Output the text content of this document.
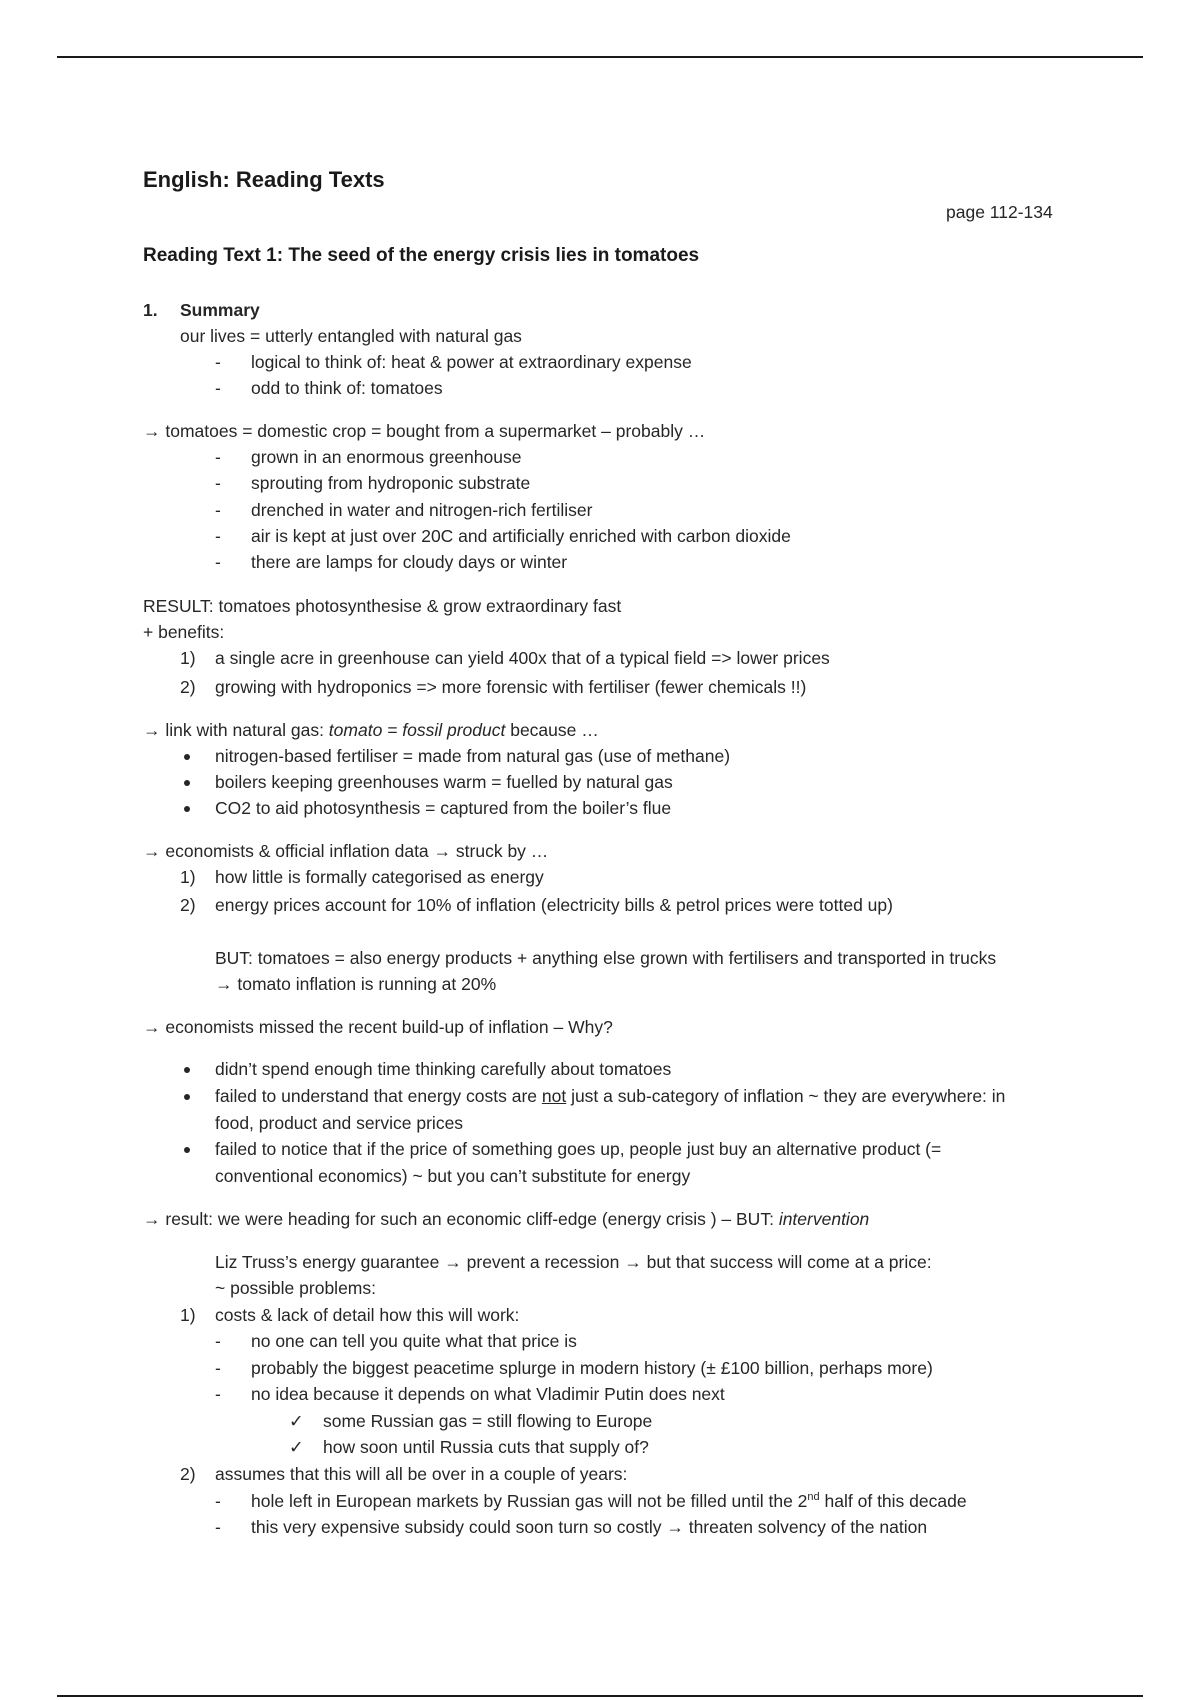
English: Reading Texts
page 112-134
Reading Text 1: The seed of the energy crisis lies in tomatoes
1. Summary
our lives = utterly entangled with natural gas
- logical to think of: heat & power at extraordinary expense
- odd to think of: tomatoes
→ tomatoes = domestic crop = bought from a supermarket – probably …
- grown in an enormous greenhouse
- sprouting from hydroponic substrate
- drenched in water and nitrogen-rich fertiliser
- air is kept at just over 20C and artificially enriched with carbon dioxide
- there are lamps for cloudy days or winter
RESULT: tomatoes photosynthesise & grow extraordinary fast
+ benefits:
1) a single acre in greenhouse can yield 400x that of a typical field => lower prices
2) growing with hydroponics => more forensic with fertiliser (fewer chemicals !!)
→ link with natural gas: tomato = fossil product because …
nitrogen-based fertiliser = made from natural gas (use of methane)
boilers keeping greenhouses warm = fuelled by natural gas
CO2 to aid photosynthesis = captured from the boiler’s flue
→ economists & official inflation data → struck by …
1) how little is formally categorised as energy
2) energy prices account for 10% of inflation (electricity bills & petrol prices were totted up)
BUT: tomatoes = also energy products + anything else grown with fertilisers and transported in trucks
→ tomato inflation is running at 20%
→ economists missed the recent build-up of inflation – Why?
didn’t spend enough time thinking carefully about tomatoes
failed to understand that energy costs are not just a sub-category of inflation ~ they are everywhere: in
food, product and service prices
failed to notice that if the price of something goes up, people just buy an alternative product (=
conventional economics) ~ but you can’t substitute for energy
→ result: we were heading for such an economic cliff-edge (energy crisis ) – BUT: intervention
Liz Truss’s energy guarantee → prevent a recession → but that success will come at a price:
~ possible problems:
1) costs & lack of detail how this will work:
- no one can tell you quite what that price is
- probably the biggest peacetime splurge in modern history (± £100 billion, perhaps more)
- no idea because it depends on what Vladimir Putin does next
✓ some Russian gas = still flowing to Europe
✓ how soon until Russia cuts that supply of?
2) assumes that this will all be over in a couple of years:
- hole left in European markets by Russian gas will not be filled until the 2nd half of this decade
- this very expensive subsidy could soon turn so costly → threaten solvency of the nation
